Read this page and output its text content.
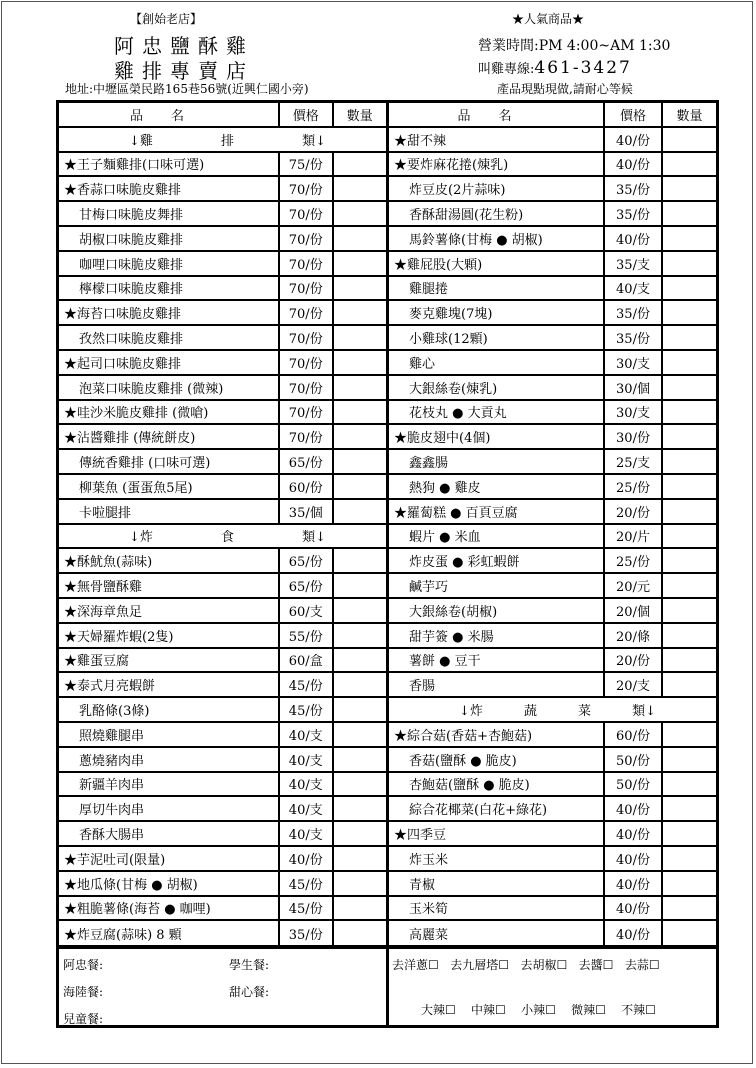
【創始老店】
阿忠鹽酥雞
雞排專賣店
地址:中壢區榮民路165巷56號(近興仁國小旁)
★人氣商品★
營業時間:PM 4:00~AM 1:30
叫雞專線:461-3427
產品現點現做,請耐心等候
品名	價格	數量
↓雞	排	類↓
★王子麵雞排(口味可選)	75/份
★香蒜口味脆皮雞排	70/份
甘梅口味脆皮舞排	70/份
胡椒口味脆皮雞排	70/份
咖哩口味脆皮雞排	70/份
檸檬口味脆皮雞排	70/份
★海苔口味脆皮雞排	70/份
孜然口味脆皮雞排	70/份
★起司口味脆皮雞排	70/份
泡菜口味脆皮雞排 (微辣)	70/份
★哇沙米脆皮雞排 (微嗆)	70/份
★沾醬雞排 (傳統餅皮)	70/份
傳統香雞排 (口味可選)	65/份
柳葉魚 (蛋蛋魚5尾)	60/份
卡啦腿排	35/個
↓炸	食	類↓
★酥魷魚(蒜味)	65/份
★無骨鹽酥雞	65/份
★深海章魚足	60/支
★天婦羅炸蝦(2隻)	55/份
★雞蛋豆腐	60/盒
★泰式月亮蝦餅	45/份
乳酪條(3條)	45/份
照燒雞腿串	40/支
蔥燒豬肉串	40/支
新疆羊肉串	40/支
厚切牛肉串	40/支
香酥大腸串	40/支
★芋泥吐司(限量)	40/份
★地瓜條(甘梅 ● 胡椒)	45/份
★粗脆薯條(海苔 ● 咖哩)	45/份
★炸豆腐(蒜味) 8 顆	35/份
品名	價格	數量
★甜不辣	40/份
★要炸麻花捲(煉乳)	40/份
炸豆皮(2片蒜味)	35/份
香酥甜湯圓(花生粉)	35/份
馬鈴薯條(甘梅 ● 胡椒)	40/份
★雞屁股(大顆)	35/支
雞腿捲	40/支
麥克雞塊(7塊)	35/份
小雞球(12顆)	35/份
雞心	30/支
大銀絲卷(煉乳)	30/個
花枝丸 ● 大貢丸	30/支
★脆皮翅中(4個)	30/份
鑫鑫腸	25/支
熱狗 ● 雞皮	25/份
★羅蔔糕 ● 百頁豆腐	20/份
蝦片 ● 米血	20/片
炸皮蛋 ● 彩虹蝦餅	25/份
鹹芋巧	20/元
大銀絲卷(胡椒)	20/個
甜芋簽 ● 米腸	20/條
薯餅 ● 豆干	20/份
香腸	20/支
↓炸	蔬	菜	類↓
★綜合菇(香菇+杏鮑菇)	60/份
香菇(鹽酥 ● 脆皮)	50/份
杏鮑菇(鹽酥 ● 脆皮)	50/份
綜合花椰菜(白花+綠花)	40/份
★四季豆	40/份
炸玉米	40/份
青椒	40/份
玉米筍	40/份
高麗菜	40/份
阿忠餐:	學生餐:
海陸餐:	甜心餐:
兒童餐:
去洋蔥☐ 去九層塔☐ 去胡椒☐ 去醬☐ 去蒜☐
大辣☐ 中辣☐ 小辣☐ 微辣☐ 不辣☐
